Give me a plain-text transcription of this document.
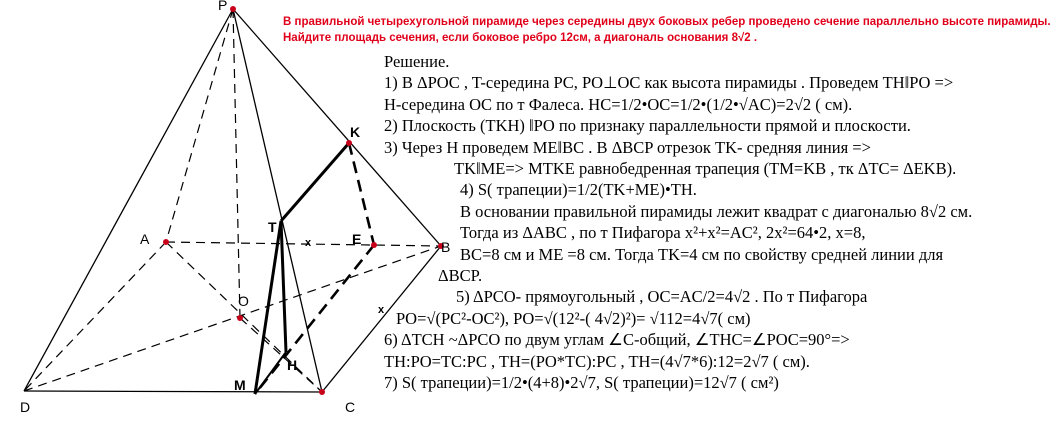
P
A	B
C
D
O
T
K
E
H
M
x
x
В правильной четырехугольной пирамиде через середины двух боковых ребер проведено сечение параллельно высоте пирамиды.
Найдите площадь сечения, если боковое ребро 12см, а диагональ основания 8√2 .
Решение.
1) В ΔPOC , T-середина PC, PO⊥OC как высота пирамиды . Проведем TH‖PO =>
H-середина OC по т Фалеса. HC=1/2•OC=1/2•(1/2•√AC)=2√2 ( см).
2) Плоскость (TKH) ‖PO по признаку параллельности прямой и плоскости.
3) Через H проведем ME‖BC . В ΔBCP отрезок TK- средняя линия =>
TK‖ME=> MTKE равнобедренная трапеция (TM=KB , тк ΔTC= ΔEKB).
4) S( трапеции)=1/2(TK+ME)•TH.
В основании правильной пирамиды лежит квадрат с диагональю 8√2 см.
Тогда из ΔABC , по т Пифагора x²+x²=AC², 2x²=64•2, x=8,
BC=8 см и ME =8 см. Тогда TK=4 см по свойству средней линии для
ΔBCP.
5) ΔPCO- прямоугольный , OC=AC/2=4√2 . По т Пифагора
PO=√(PC²-OC²), PO=√(12²-( 4√2)²)= √112=4√7( см)
6) ΔTCH ~ΔPCO по двум углам ∠C-общий, ∠THC=∠POC=90°=>
TH:PO=TC:PC , TH=(PO*TC):PC , TH=(4√7*6):12=2√7 ( см).
7) S( трапеции)=1/2•(4+8)•2√7, S( трапеции)=12√7 ( см²)
